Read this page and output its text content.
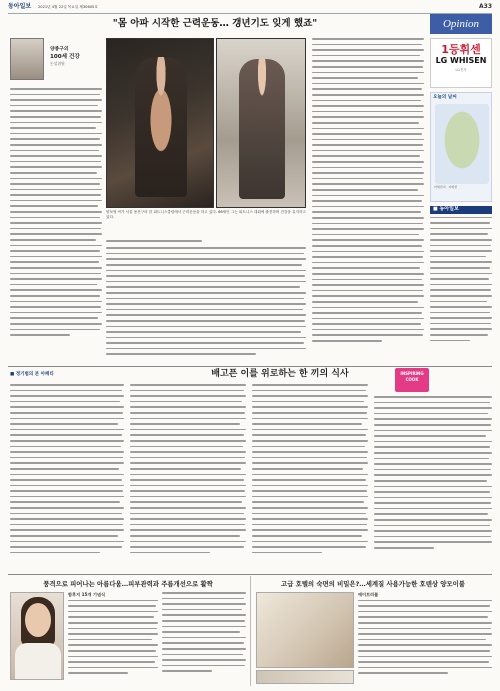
동아일보 2021년 4월 22일 목요일 제30605호	A33
Opinion
"몸 아파 시작한 근력운동… 갱년기도 잊게 했죠"
양종구의
100세 건강
논설위원
양보영 씨가 서울 용산구의 한 피트니스클럽에서 근력운동을 하고 있다. 66세인 그는 피트니스 대회에 출전하며 건강을 유지하고 있다.
1등휘센
LG WHISEN
LG전자
오늘의 날씨
미세먼지 · 자외선
■ 동아일보
■ 정기범의 본 아페티	배고픈 이를 위로하는 한 끼의 식사	INSPIRING COOK
풍격으로 피어나는 아름다움…피부관력과 주름개선으로 활짝	고급 호텔의 숙면의 비밀은?…세계질 사용가능한 호텐상 양모이불
함후지 15개 기념식	에이트러블
